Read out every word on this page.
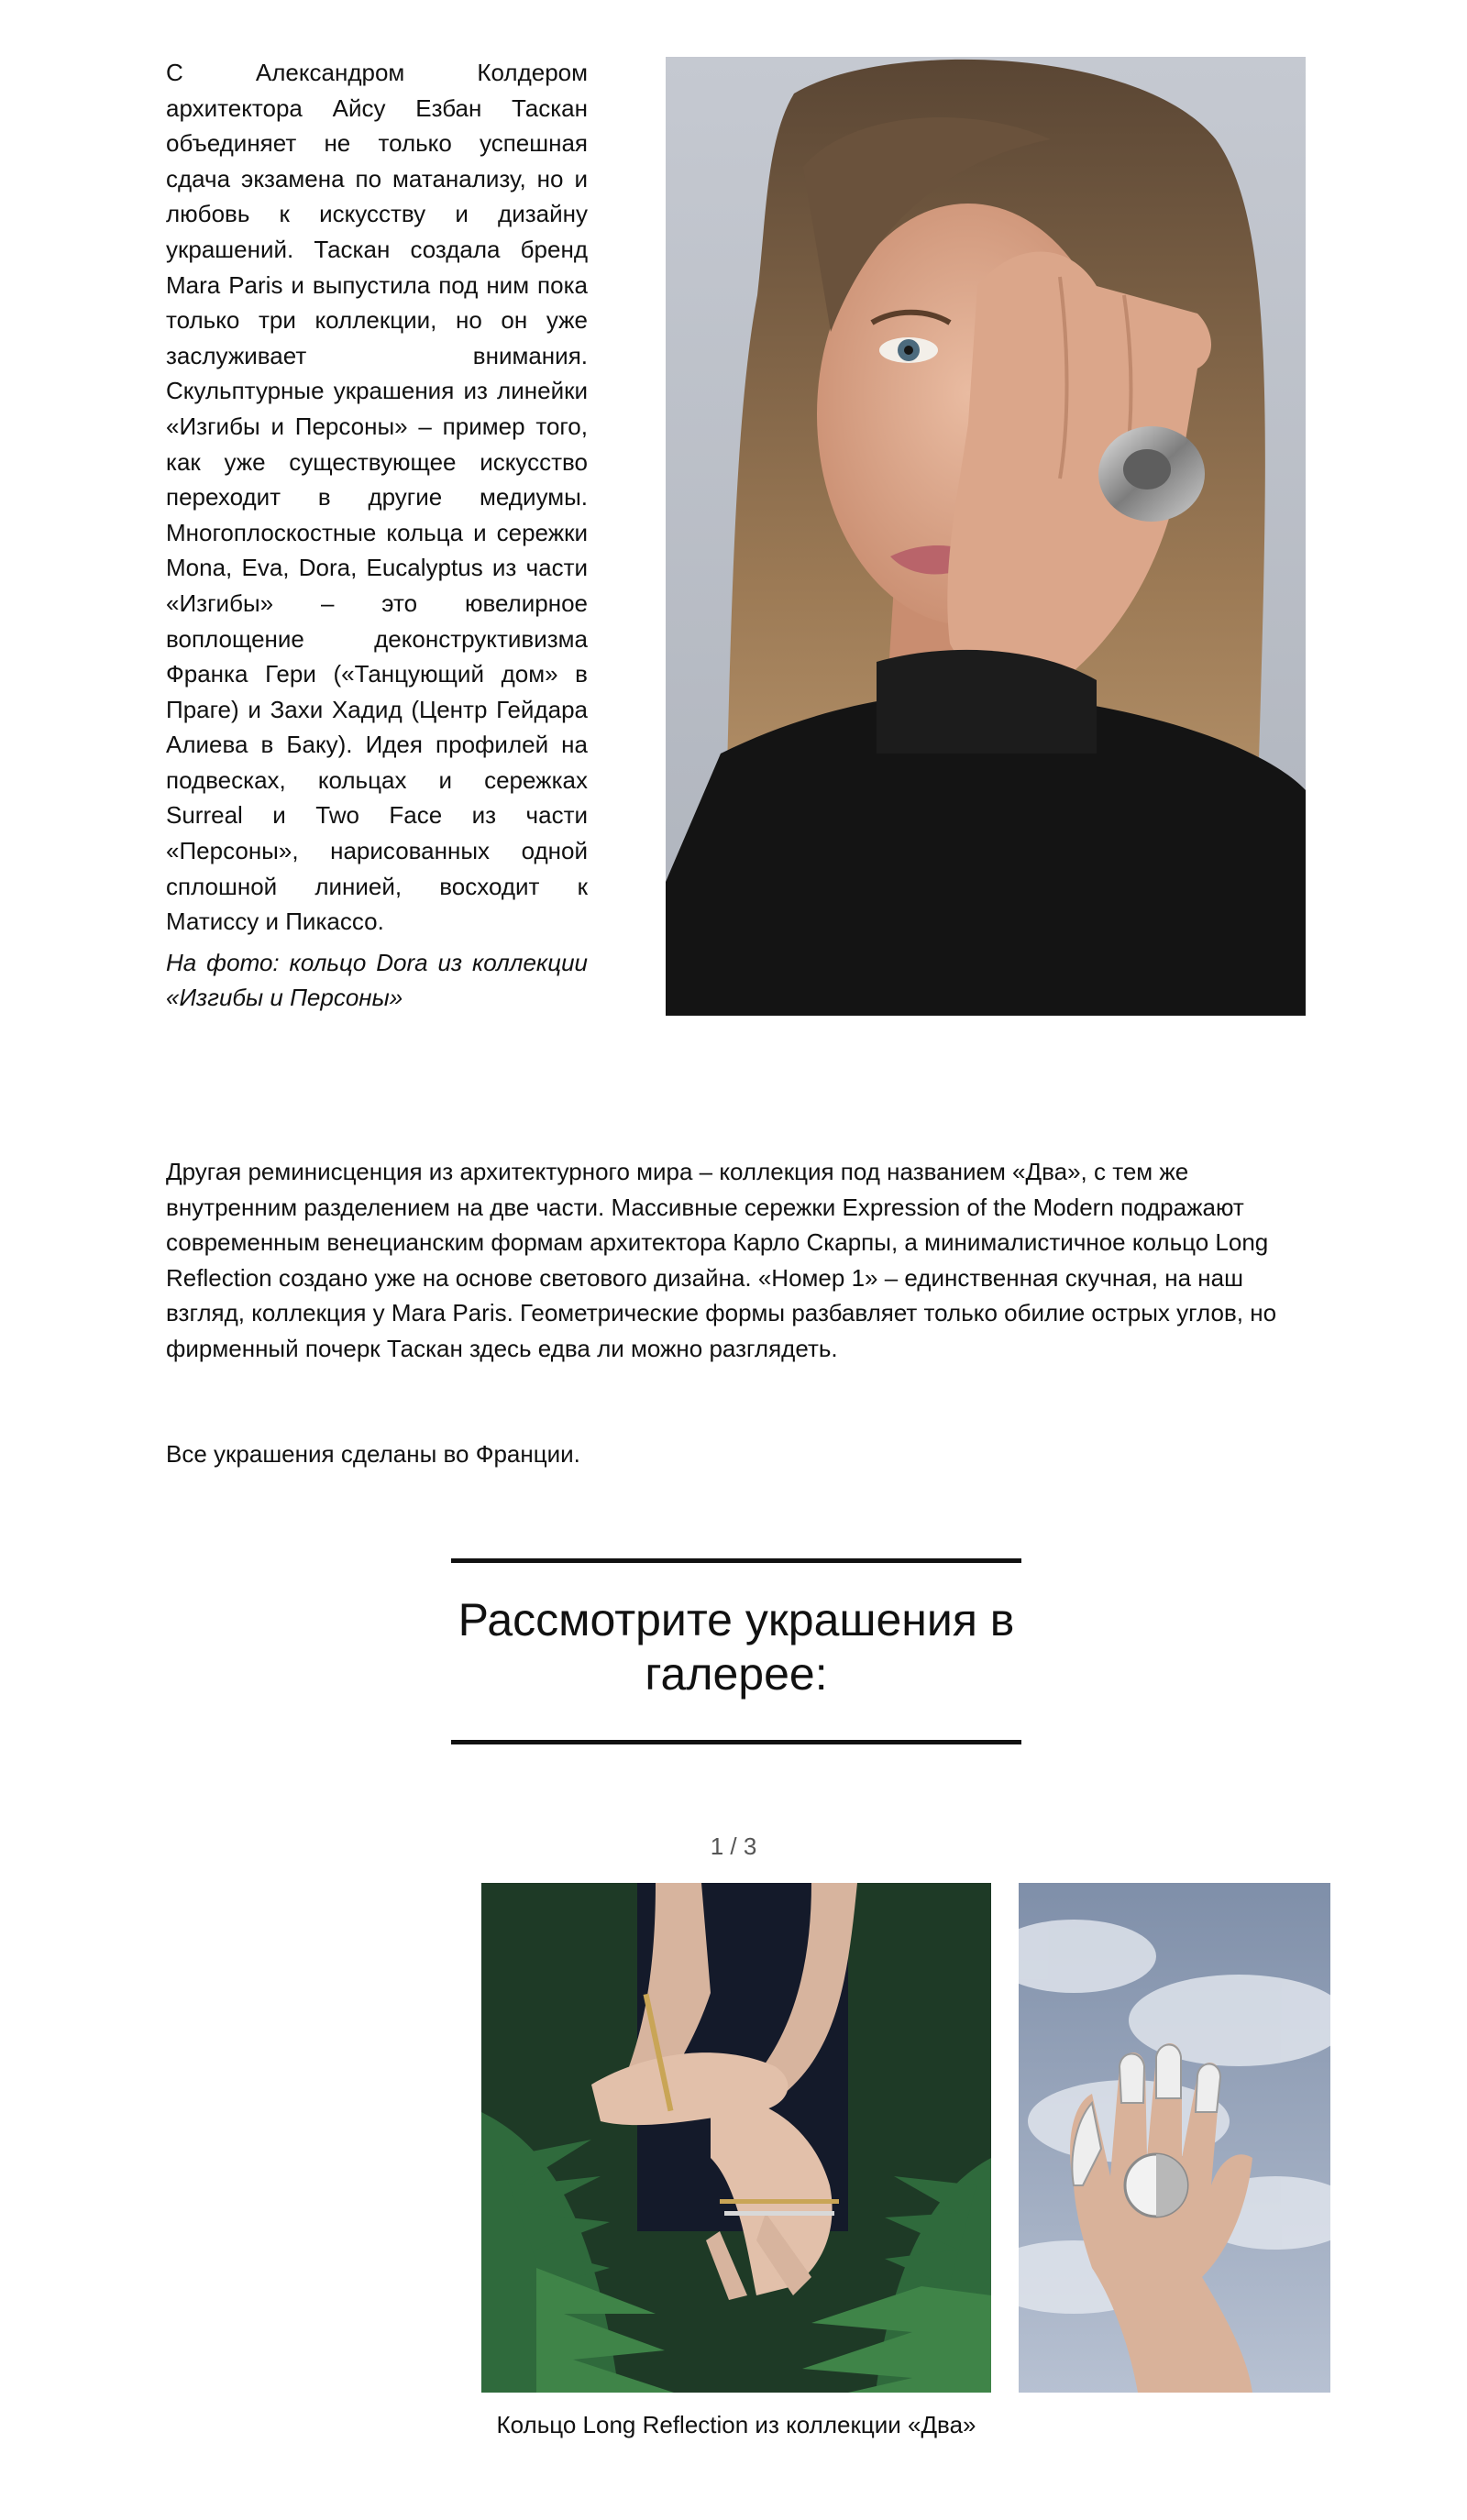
С Александром Колдером архитектора Айсу Езбан Таскан объединяет не только успешная сдача экзамена по матанализу, но и любовь к искусству и дизайну украшений. Таскан создала бренд Mara Paris и выпустила под ним пока только три коллекции, но он уже заслуживает внимания. Скульптурные украшения из линейки «Изгибы и Персоны» – пример того, как уже существующее искусство переходит в другие медиумы. Многоплоскостные кольца и сережки Mona, Eva, Dora, Eucalyptus из части «Изгибы» – это ювелирное воплощение деконструктивизма Франка Гери («Танцующий дом» в Праге) и Захи Хадид (Центр Гейдара Алиева в Баку). Идея профилей на подвесках, кольцах и сережках Surreal и Two Face из части «Персоны», нарисованных одной сплошной линией, восходит к Матиссу и Пикассо.

На фото: кольцо Dora из коллекции «Изгибы и Персоны»

Другая реминисценция из архитектурного мира – коллекция под названием «Два», с тем же внутренним разделением на две части. Массивные сережки Expression of the Modern подражают современным венецианским формам архитектора Карло Скарпы, а минималистичное кольцо Long Reflection создано уже на основе светового дизайна. «Номер 1» – единственная скучная, на наш взгляд, коллекция у Mara Paris. Геометрические формы разбавляет только обилие острых углов, но фирменный почерк Таскан здесь едва ли можно разглядеть.

Все украшения сделаны во Франции.

Рассмотрите украшения в галерее:
1 / 3

Кольцо Long Reflection из коллекции «Два»
